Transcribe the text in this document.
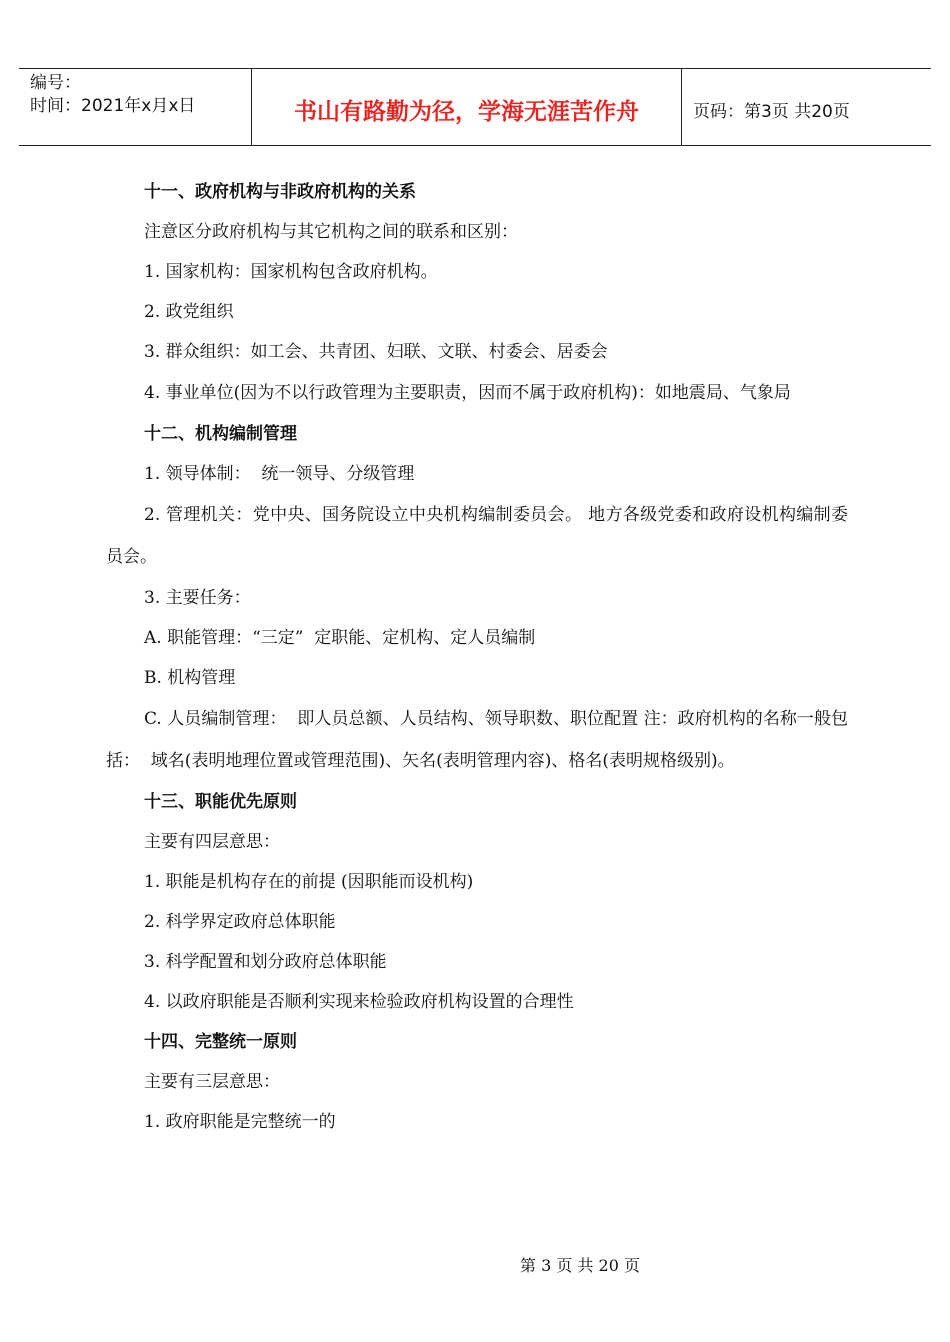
编号：
时间：2021年x月x日	书山有路勤为径，学海无涯苦作舟	页码：第3页 共20页

十一、政府机构与非政府机构的关系

注意区分政府机构与其它机构之间的联系和区别：

1. 国家机构：国家机构包含政府机构。

2. 政党组织

3. 群众组织：如工会、共青团、妇联、文联、村委会、居委会

4. 事业单位(因为不以行政管理为主要职责，因而不属于政府机构)：如地震局、气象局

十二、机构编制管理

1. 领导体制：  统一领导、分级管理

2. 管理机关：党中央、国务院设立中央机构编制委员会。 地方各级党委和政府设机构编制委员会。

3. 主要任务：

A. 职能管理：“三定”  定职能、定机构、定人员编制

B. 机构管理

C. 人员编制管理：  即人员总额、人员结构、领导职数、职位配置 注：政府机构的名称一般包括：  域名(表明地理位置或管理范围)、矢名(表明管理内容)、格名(表明规格级别)。

十三、职能优先原则

主要有四层意思：

1. 职能是机构存在的前提 (因职能而设机构)

2. 科学界定政府总体职能

3. 科学配置和划分政府总体职能

4. 以政府职能是否顺利实现来检验政府机构设置的合理性

十四、完整统一原则

主要有三层意思：

1. 政府职能是完整统一的

第 3 页 共 20 页
